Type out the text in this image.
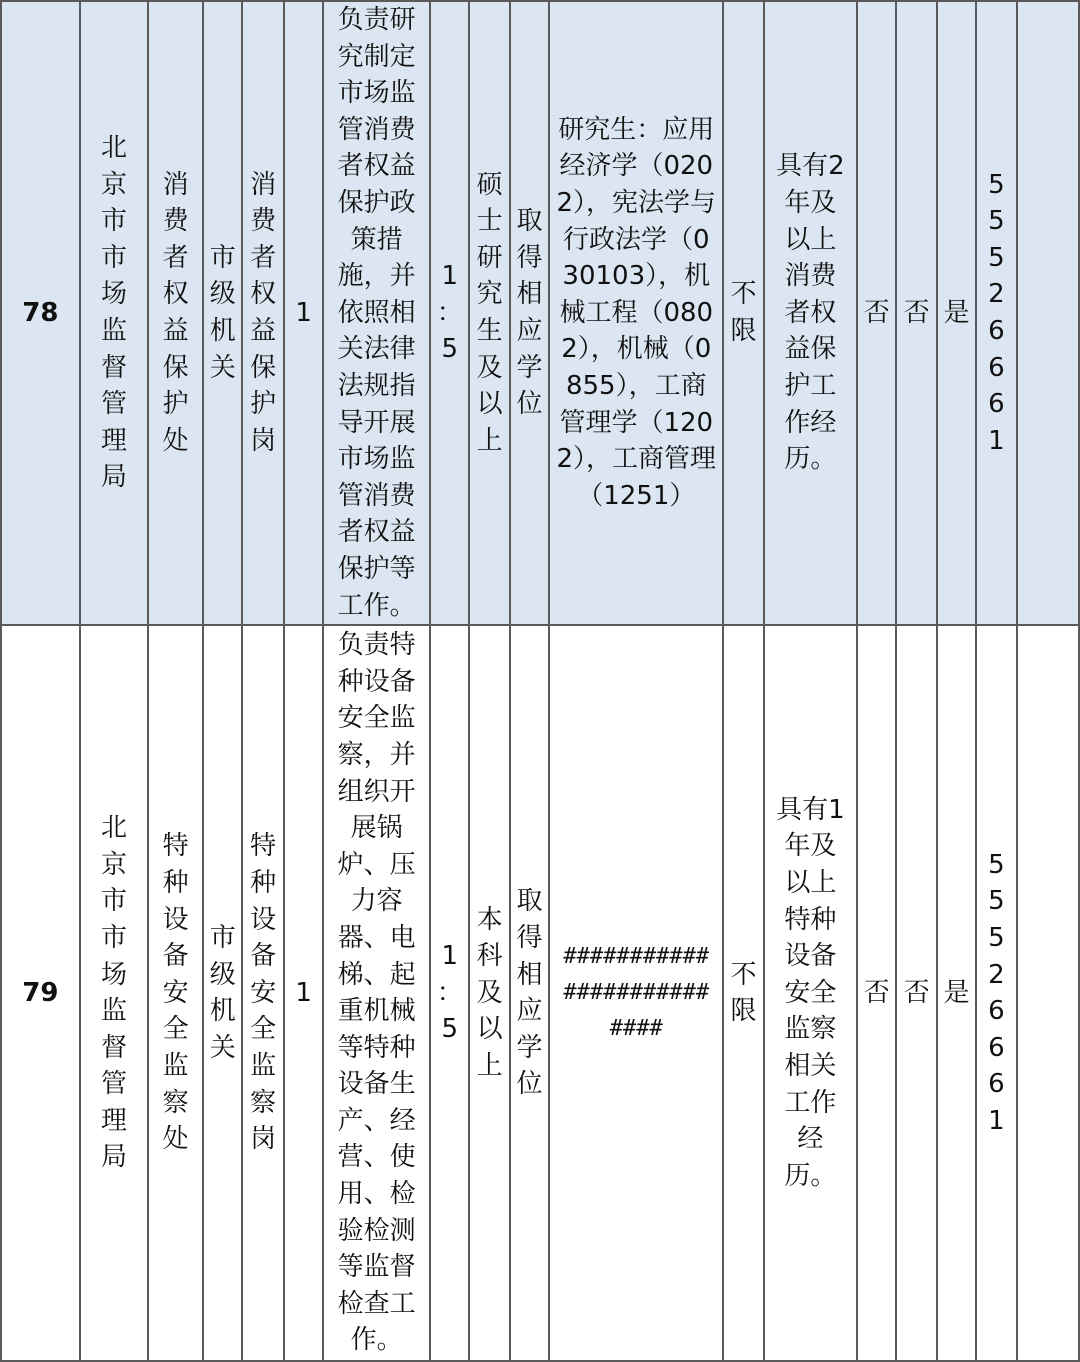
78	北京市市场监督管理局	消费者权益保护处	市级机关	消费者权益保护岗	1	负责研究制定市场监管消费者权益保护政策措施，并依照相关法律法规指导开展市场监管消费者权益保护等工作。	1：5	硕士研究生及以上	取得相应学位	研究生：应用经济学（0202），宪法学与行政法学（030103），机械工程（0802），机械（0855），工商管理学（1202），工商管理（1251）	不限	具有2年及以上消费者权益保护工作经历。	否	否	是	55526661	

79	北京市市场监督管理局	特种设备安全监察处	市级机关	特种设备安全监察岗	1	负责特种设备安全监察，并组织开展锅炉、压力容器、电梯、起重机械等特种设备生产、经营、使用、检验检测等监督检查工作。	1：5	本科及以上	取得相应学位	##########################	不限	具有1年及以上特种设备安全监察相关工作经历。	否	否	是	55526661	
